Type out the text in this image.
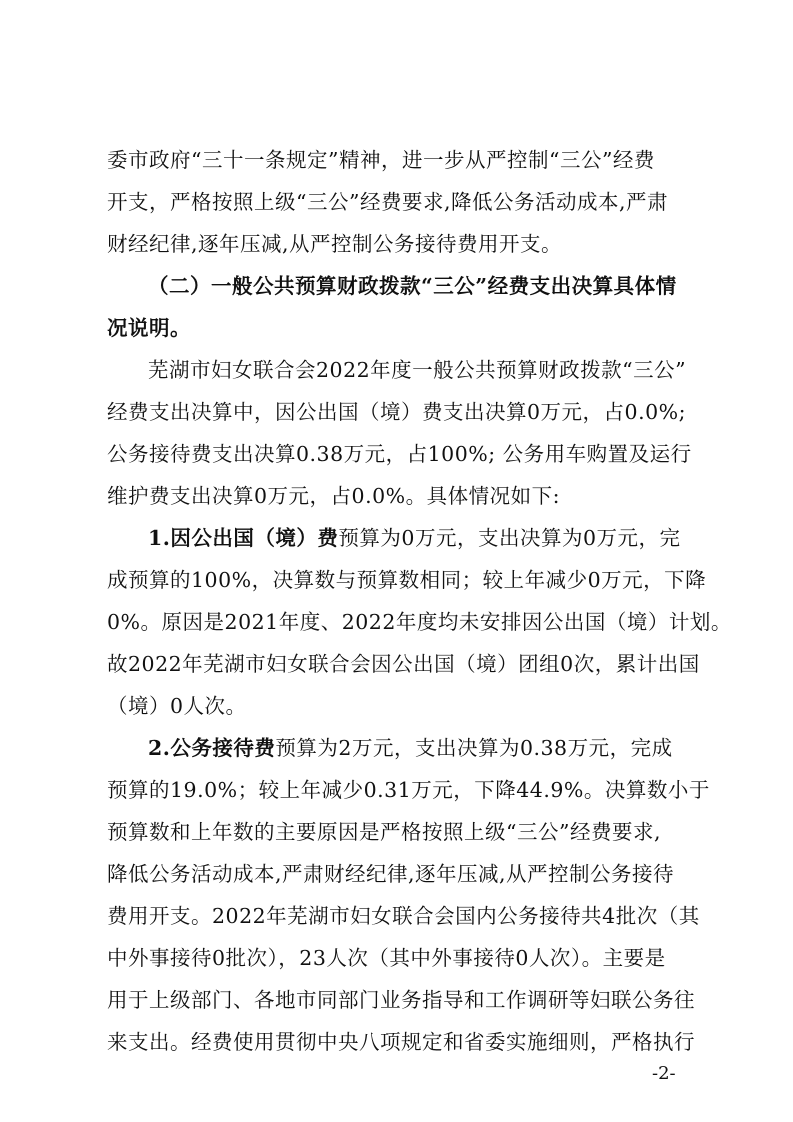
委市政府“三十一条规定”精神，进一步从严控制“三公”经费
开支，严格按照上级“三公”经费要求,降低公务活动成本,严肃
财经纪律,逐年压减,从严控制公务接待费用开支。
（二）一般公共预算财政拨款“三公”经费支出决算具体情
况说明。
芜湖市妇女联合会2022年度一般公共预算财政拨款“三公”
经费支出决算中，因公出国（境）费支出决算0万元，占0.0%;
公务接待费支出决算0.38万元，占100%; 公务用车购置及运行
维护费支出决算0万元，占0.0%。具体情况如下:
1.因公出国（境）费预算为0万元，支出决算为0万元，完
成预算的100%，决算数与预算数相同；较上年减少0万元，下降
0%。原因是2021年度、2022年度均未安排因公出国（境）计划。
故2022年芜湖市妇女联合会因公出国（境）团组0次，累计出国
（境）0人次。
2.公务接待费预算为2万元，支出决算为0.38万元，完成
预算的19.0%；较上年减少0.31万元，下降44.9%。决算数小于
预算数和上年数的主要原因是严格按照上级“三公”经费要求,
降低公务活动成本,严肃财经纪律,逐年压减,从严控制公务接待
费用开支。2022年芜湖市妇女联合会国内公务接待共4批次（其
中外事接待0批次），23人次（其中外事接待0人次）。主要是
用于上级部门、各地市同部门业务指导和工作调研等妇联公务往
来支出。经费使用贯彻中央八项规定和省委实施细则，严格执行
-2-
